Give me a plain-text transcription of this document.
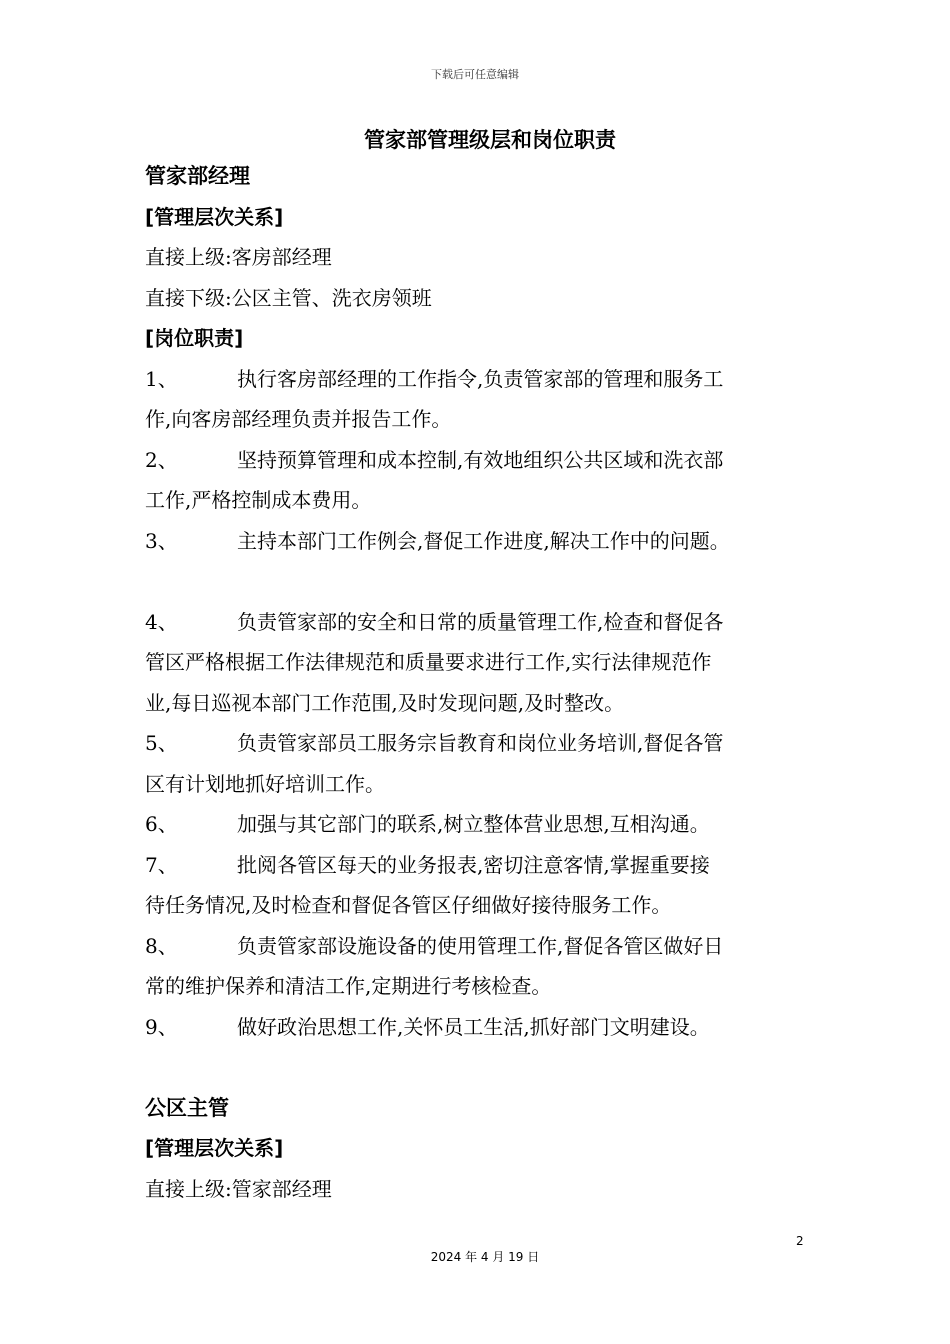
下载后可任意编辑
管家部管理级层和岗位职责
管家部经理
[管理层次关系]
直接上级:客房部经理
直接下级:公区主管、洗衣房领班
[岗位职责]
1、	执行客房部经理的工作指令,负责管家部的管理和服务工
作,向客房部经理负责并报告工作。
2、	坚持预算管理和成本控制,有效地组织公共区域和洗衣部
工作,严格控制成本费用。
3、	主持本部门工作例会,督促工作进度,解决工作中的问题。
4、	负责管家部的安全和日常的质量管理工作,检查和督促各
管区严格根据工作法律规范和质量要求进行工作,实行法律规范作
业,每日巡视本部门工作范围,及时发现问题,及时整改。
5、	负责管家部员工服务宗旨教育和岗位业务培训,督促各管
区有计划地抓好培训工作。
6、	加强与其它部门的联系,树立整体营业思想,互相沟通。
7、	批阅各管区每天的业务报表,密切注意客情,掌握重要接
待任务情况,及时检查和督促各管区仔细做好接待服务工作。
8、	负责管家部设施设备的使用管理工作,督促各管区做好日
常的维护保养和清洁工作,定期进行考核检查。
9、	做好政治思想工作,关怀员工生活,抓好部门文明建设。
公区主管
[管理层次关系]
直接上级:管家部经理
2
2024 年 4 月 19 日
